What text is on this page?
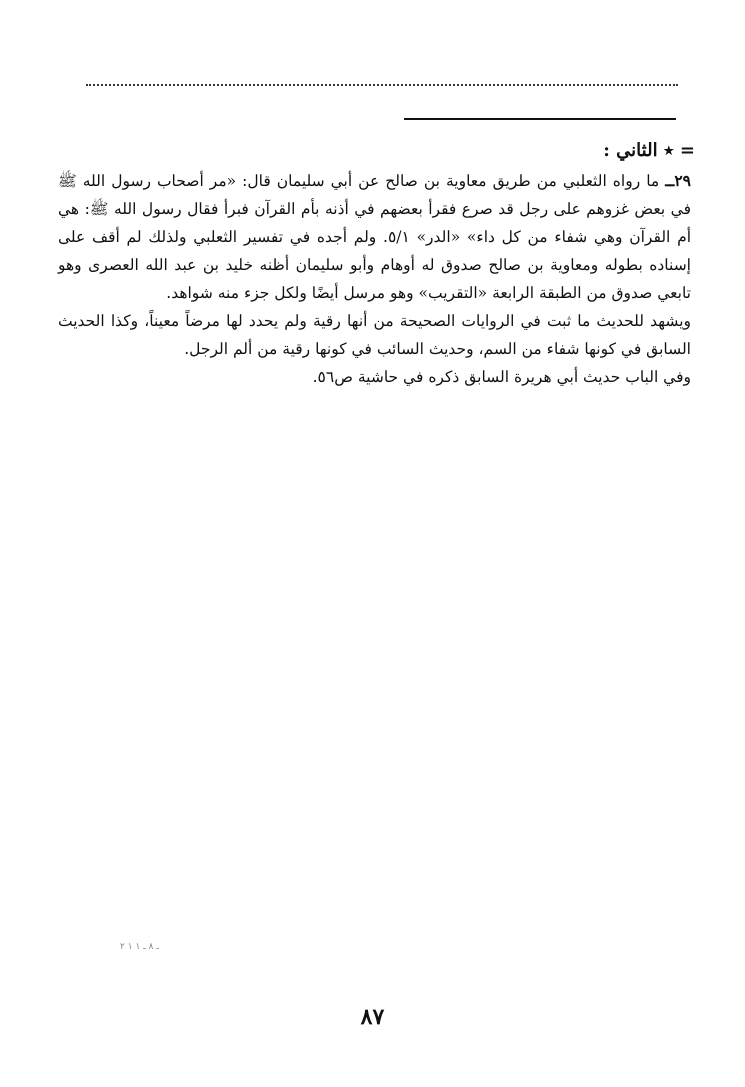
= ٭ الثاني :

٢٩ــ ما رواه الثعلبي من طريق معاوية بن صالح عن أبي سليمان قال: «مر أصحاب رسول الله ﷺ في بعض غزوهم على رجل قد صرع فقرأ بعضهم في أذنه بأم القرآن فبرأ فقال رسول الله ﷺ: هي أم القرآن وهي شفاء من كل داء» «الدر» ٥/١. ولم أجده في تفسير الثعلبي ولذلك لم أقف على إسناده بطوله ومعاوية بن صالح صدوق له أوهام وأبو سليمان أظنه خليد بن عبد الله العصرى وهو تابعي صدوق من الطبقة الرابعة «التقريب» وهو مرسل أيضًا ولكل جزء منه شواهد.

ويشهد للحديث ما ثبت في الروايات الصحيحة من أنها رقية ولم يحدد لها مرضاً معيناً، وكذا الحديث السابق في كونها شفاء من السم، وحديث السائب في كونها رقية من ألم الرجل.

وفي الباب حديث أبي هريرة السابق ذكره في حاشية ص٥٦.

ـ ٨ ـ ١ ١ ٢
٨٧
